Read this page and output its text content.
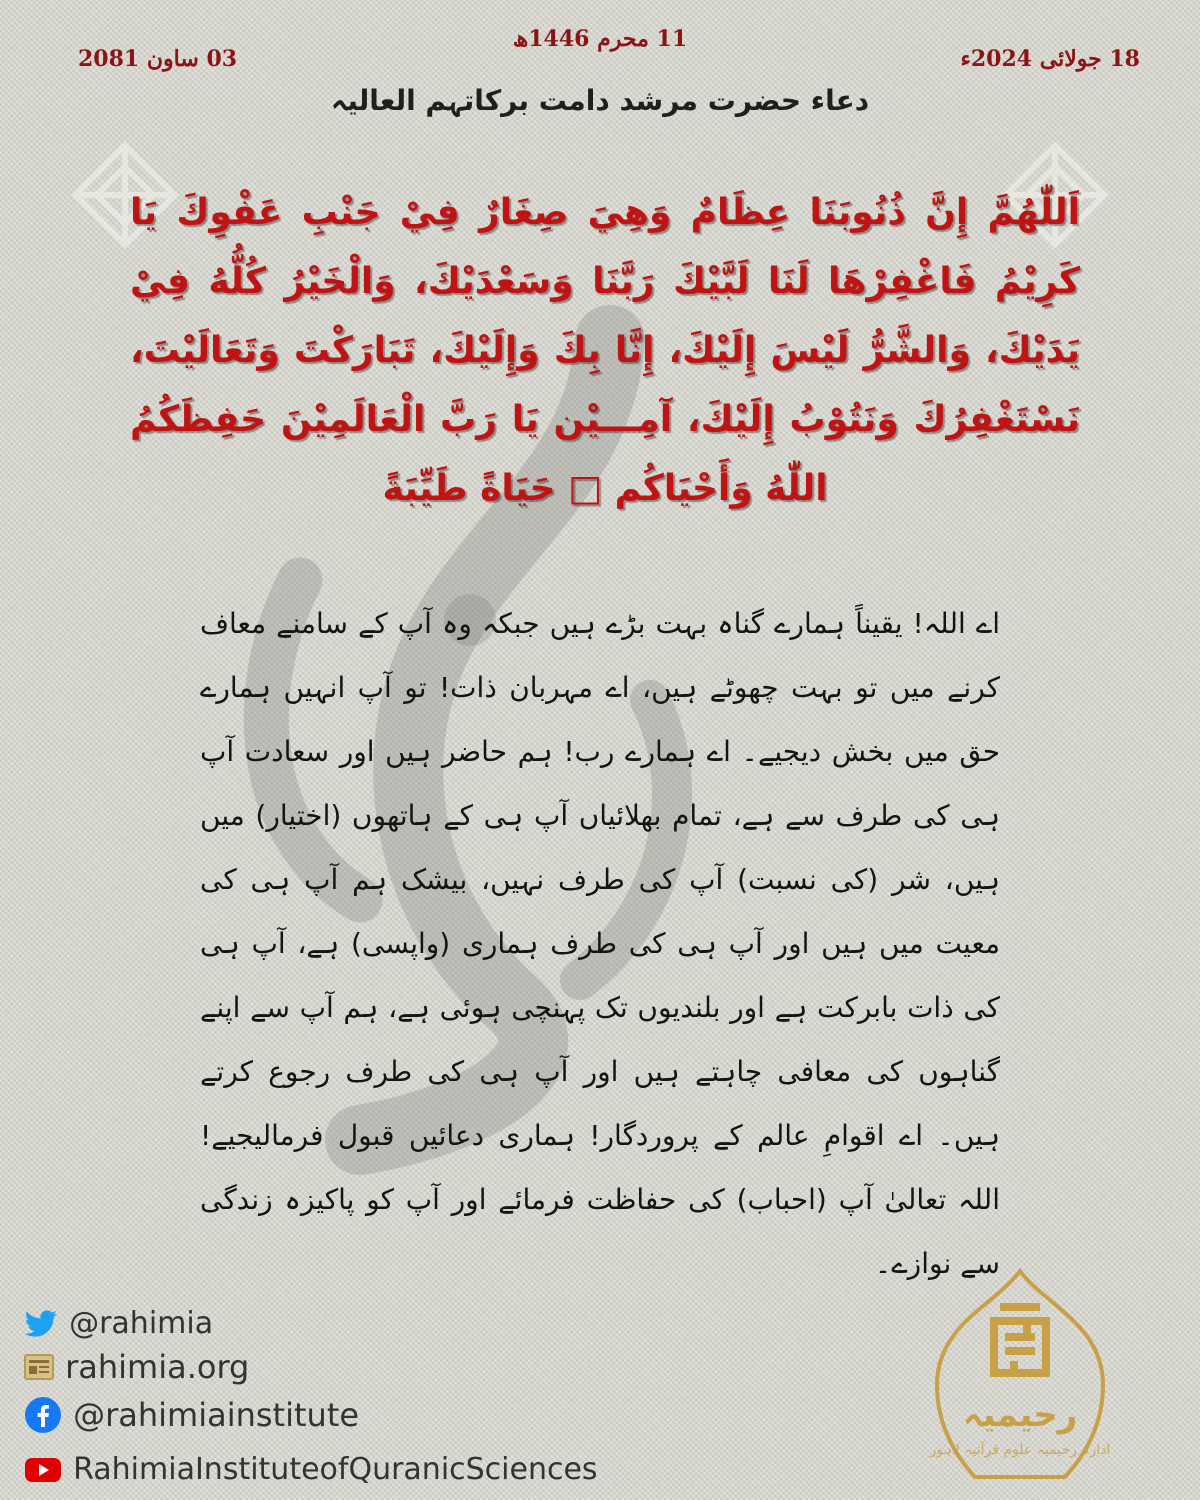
11 محرم 1446ھ
18 جولائی 2024ء
03 ساون 2081
دعاء حضرت مرشد دامت برکاتہم العالیہ
اَللّٰهُمَّ إِنَّ ذُنُوبَنَا عِظَامٌ وَهِيَ صِغَارٌ فِيْ جَنْبِ عَفْوِكَ يَا كَرِيْمُ فَاغْفِرْهَا لَنَا لَبَّيْكَ رَبَّنَا وَسَعْدَيْكَ، وَالْخَيْرُ كُلُّهُ فِيْ يَدَيْكَ، وَالشَّرُّ لَيْسَ إِلَيْكَ، إِنَّا بِكَ وَإِلَيْكَ، تَبَارَكْتَ وَتَعَالَيْتَ، نَسْتَغْفِرُكَ وَنَتُوْبُ إِلَيْكَ، آمِـــيْن يَا رَبَّ الْعَالَمِيْنَ حَفِظَكُمُ اللّٰهُ وَأَحْيَاكُم □ حَيَاةً طَيِّبَةً
اے اللہ! یقیناً ہمارے گناہ بہت بڑے ہیں جبکہ وہ آپ کے سامنے معاف کرنے میں تو بہت چھوٹے ہیں، اے مہربان ذات! تو آپ انہیں ہمارے حق میں بخش دیجیے۔ اے ہمارے رب! ہم حاضر ہیں اور سعادت آپ ہی کی طرف سے ہے، تمام بھلائیاں آپ ہی کے ہاتھوں (اختیار) میں ہیں، شر (کی نسبت) آپ کی طرف نہیں، بیشک ہم آپ ہی کی معیت میں ہیں اور آپ ہی کی طرف ہماری (واپسی) ہے، آپ ہی کی ذات بابرکت ہے اور بلندیوں تک پہنچی ہوئی ہے، ہم آپ سے اپنے گناہوں کی معافی چاہتے ہیں اور آپ ہی کی طرف رجوع کرتے ہیں۔ اے اقوامِ عالم کے پروردگار! ہماری دعائیں قبول فرمالیجیے! اللہ تعالیٰ آپ (احباب) کی حفاظت فرمائے اور آپ کو پاکیزہ زندگی سے نوازے۔
@rahimia
rahimia.org
@rahimiainstitute
RahimiaInstituteofQuranicSciences
رحیمیہ
ادارہ رحیمیہ علوم قرآنیہ لاہور
